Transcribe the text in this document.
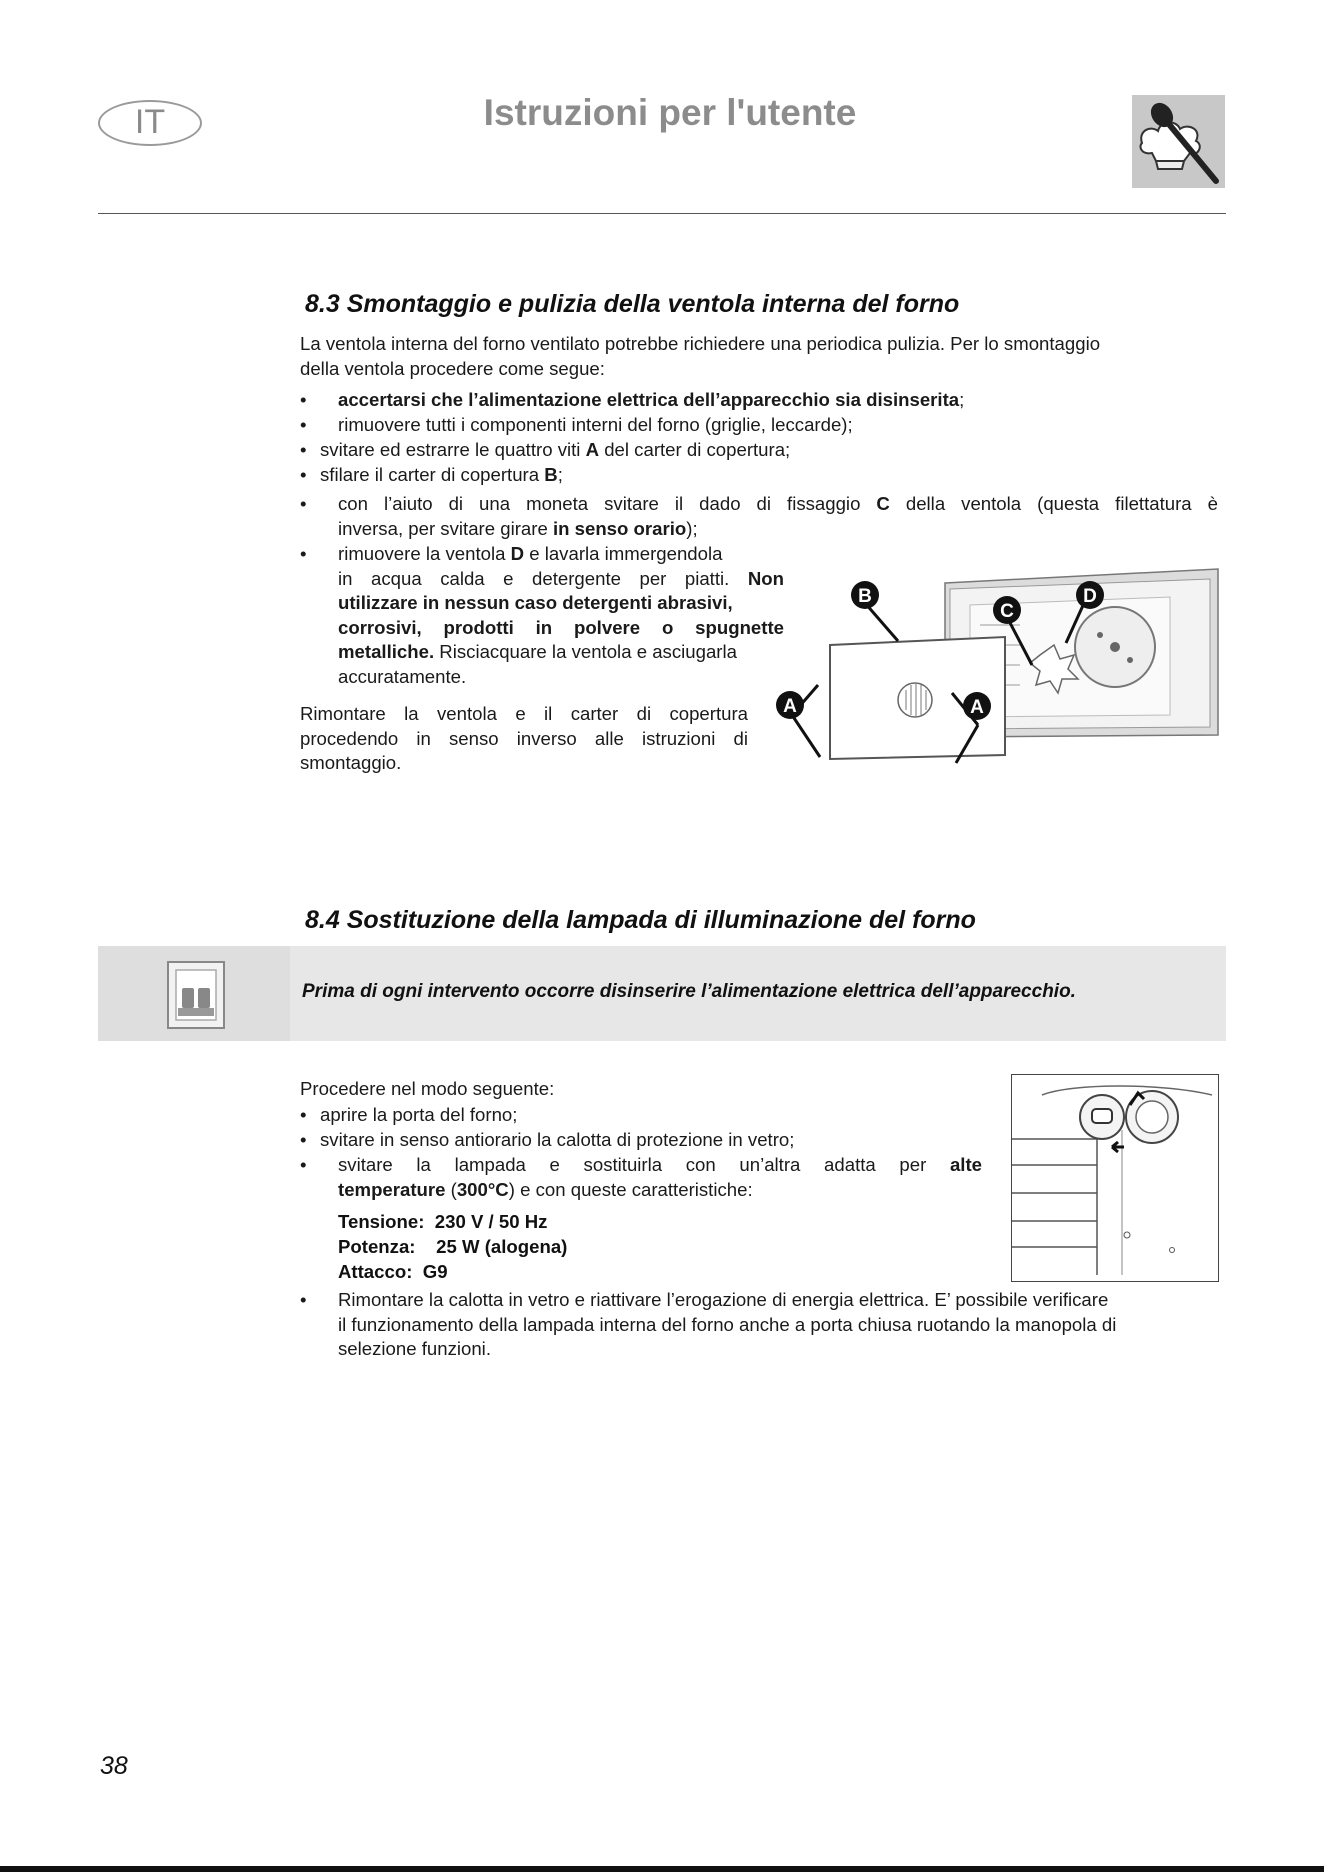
IT	Istruzioni per l'utente
8.3 Smontaggio e pulizia della ventola interna del forno
La ventola interna del forno ventilato potrebbe richiedere una periodica pulizia. Per lo smontaggio
della ventola procedere come segue:
• accertarsi che l’alimentazione elettrica dell’apparecchio sia disinserita;
• rimuovere tutti i componenti interni del forno (griglie, leccarde);
• svitare ed estrarre le quattro viti A del carter di copertura;
• sfilare il carter di copertura B;
• con l’aiuto di una moneta svitare il dado di fissaggio C della ventola (questa filettatura è
inversa, per svitare girare in senso orario);
• rimuovere la ventola D e lavarla immergendola
in acqua calda e detergente per piatti. Non
utilizzare in nessun caso detergenti abrasivi,
corrosivi, prodotti in polvere o spugnette
metalliche. Risciacquare la ventola e asciugarla
accuratamente.
Rimontare la ventola e il carter di copertura
procedendo in senso inverso alle istruzioni di
smontaggio.
B
C
D
A	A
8.4 Sostituzione della lampada di illuminazione del forno
Prima di ogni intervento occorre disinserire l’alimentazione elettrica dell’apparecchio.
Procedere nel modo seguente:
• aprire la porta del forno;
• svitare in senso antiorario la calotta di protezione in vetro;
• svitare la lampada e sostituirla con un’altra adatta per alte
temperature (300°C) e con queste caratteristiche:
Tensione: 230 V / 50 Hz
Potenza: 25 W (alogena)
Attacco: G9
• Rimontare la calotta in vetro e riattivare l’erogazione di energia elettrica. E’ possibile verificare
il funzionamento della lampada interna del forno anche a porta chiusa ruotando la manopola di
selezione funzioni.
38
